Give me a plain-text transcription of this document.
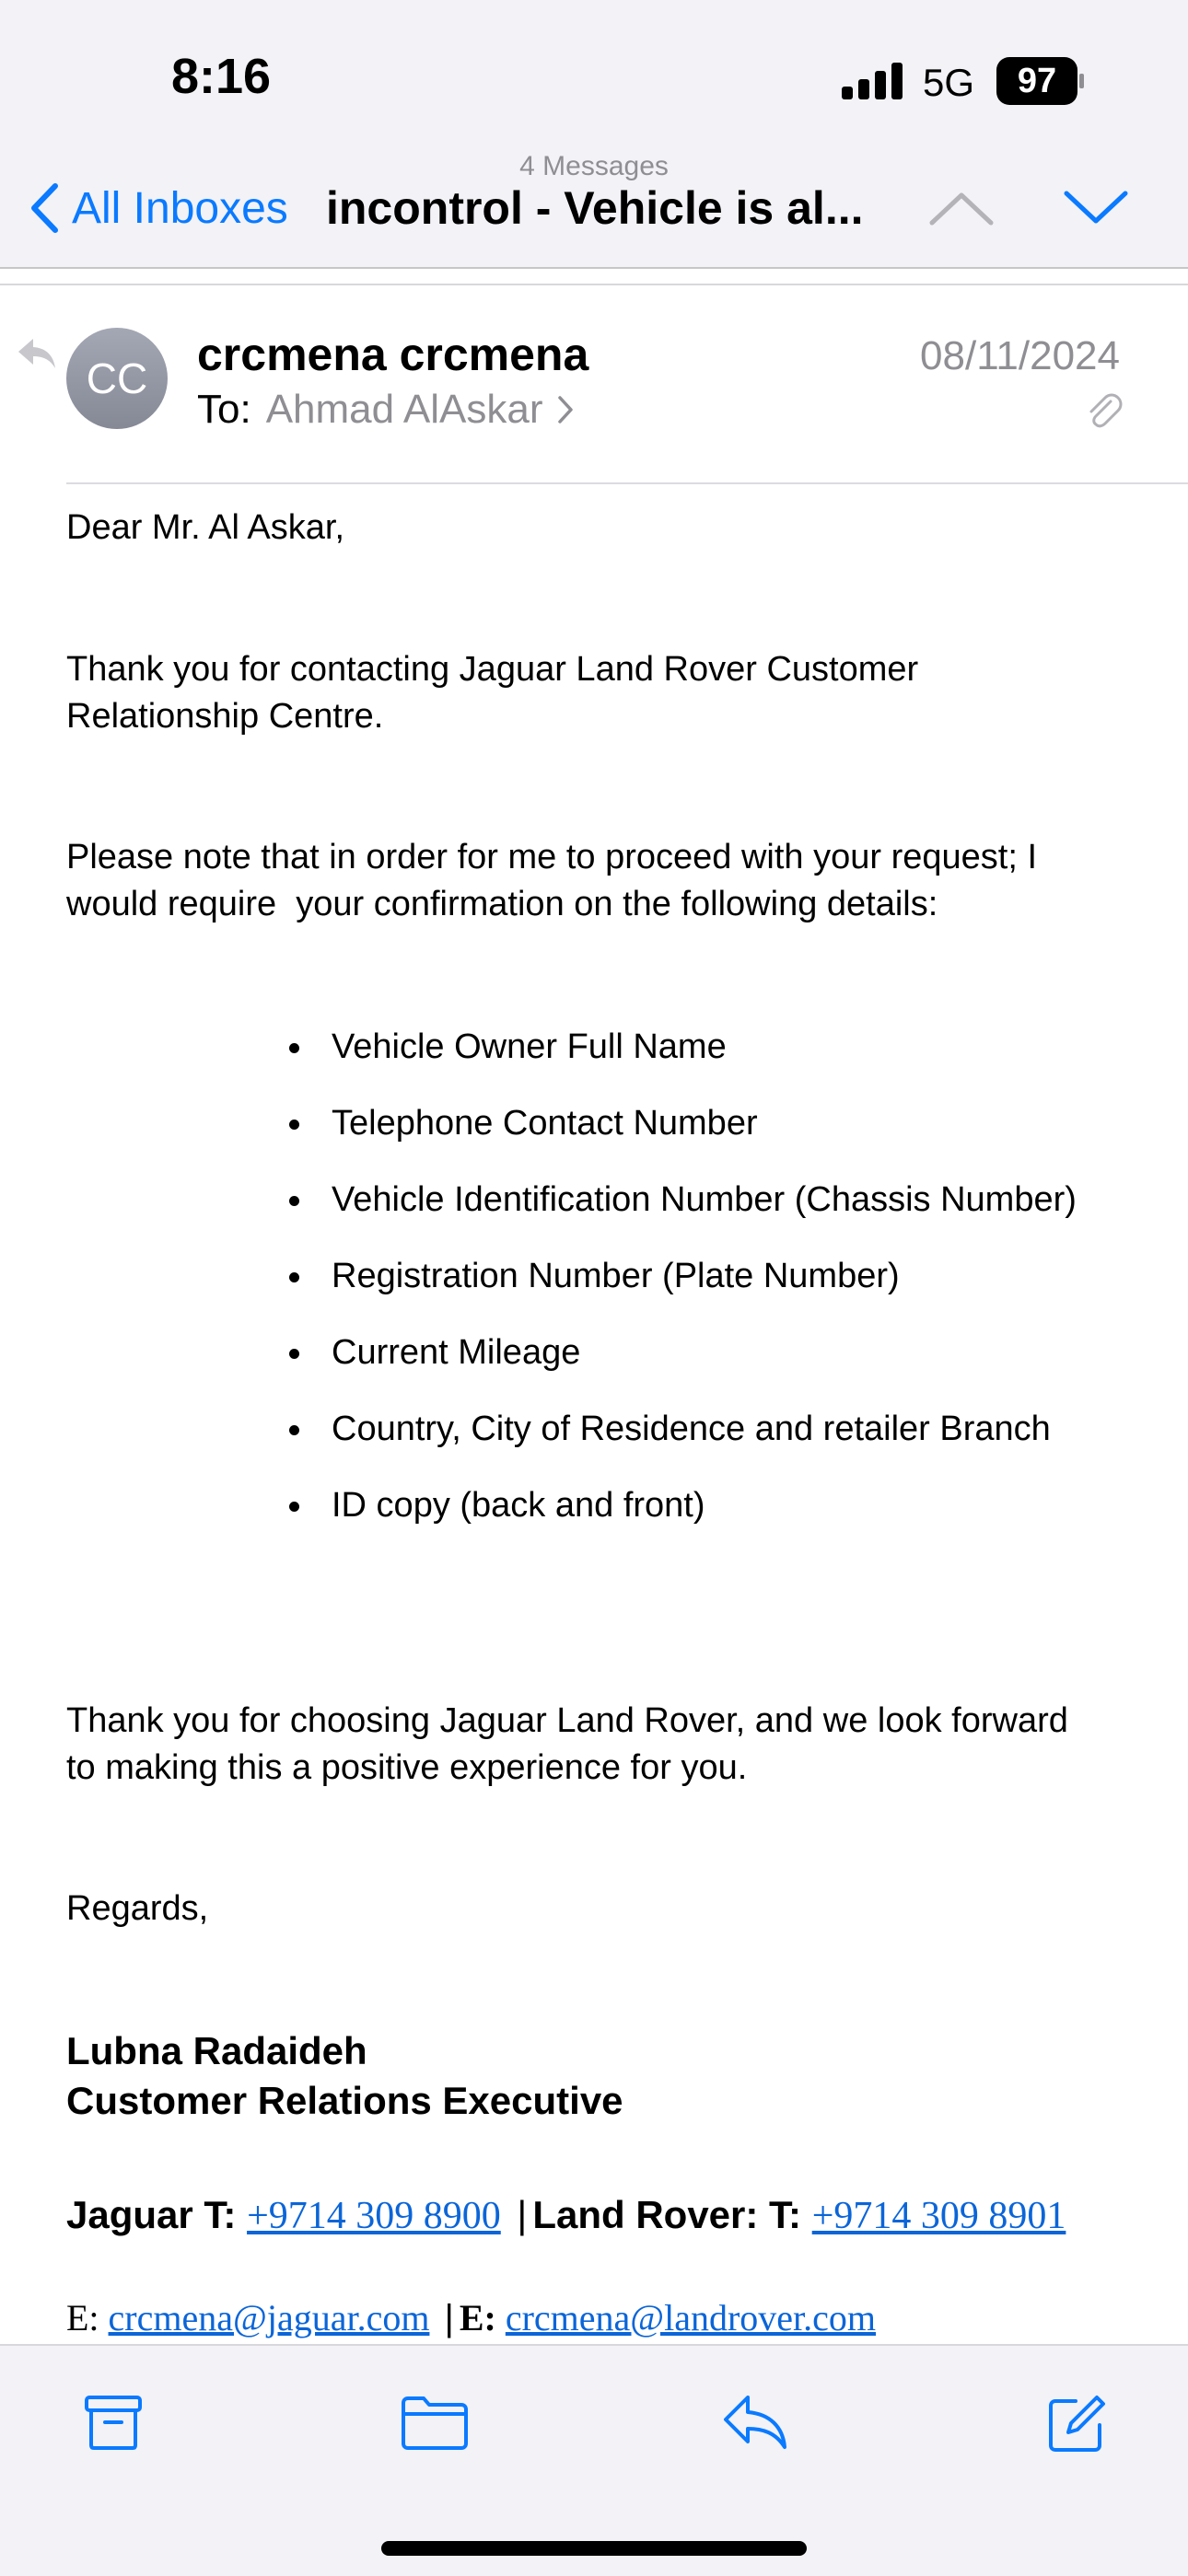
8:16	5G	97
4 Messages
All Inboxes incontrol - Vehicle is al...
CC	crcmena crcmena
To: Ahmad AlAskar
08/11/2024

Dear Mr. Al Askar,

Thank you for contacting Jaguar Land Rover Customer
Relationship Centre.
Please note that in order for me to proceed with your request; I
would require  your confirmation on the following details:
Vehicle Owner Full Name
Telephone Contact Number
Vehicle Identification Number (Chassis Number)
Registration Number (Plate Number)
Current Mileage
Country, City of Residence and retailer Branch
ID copy (back and front)
Thank you for choosing Jaguar Land Rover, and we look forward
to making this a positive experience for you.

Regards,

Lubna Radaideh
Customer Relations Executive
Jaguar T: +9714 309 8900 | Land Rover: T: +9714 309 8901
E: crcmena@jaguar.com | E: crcmena@landrover.com
